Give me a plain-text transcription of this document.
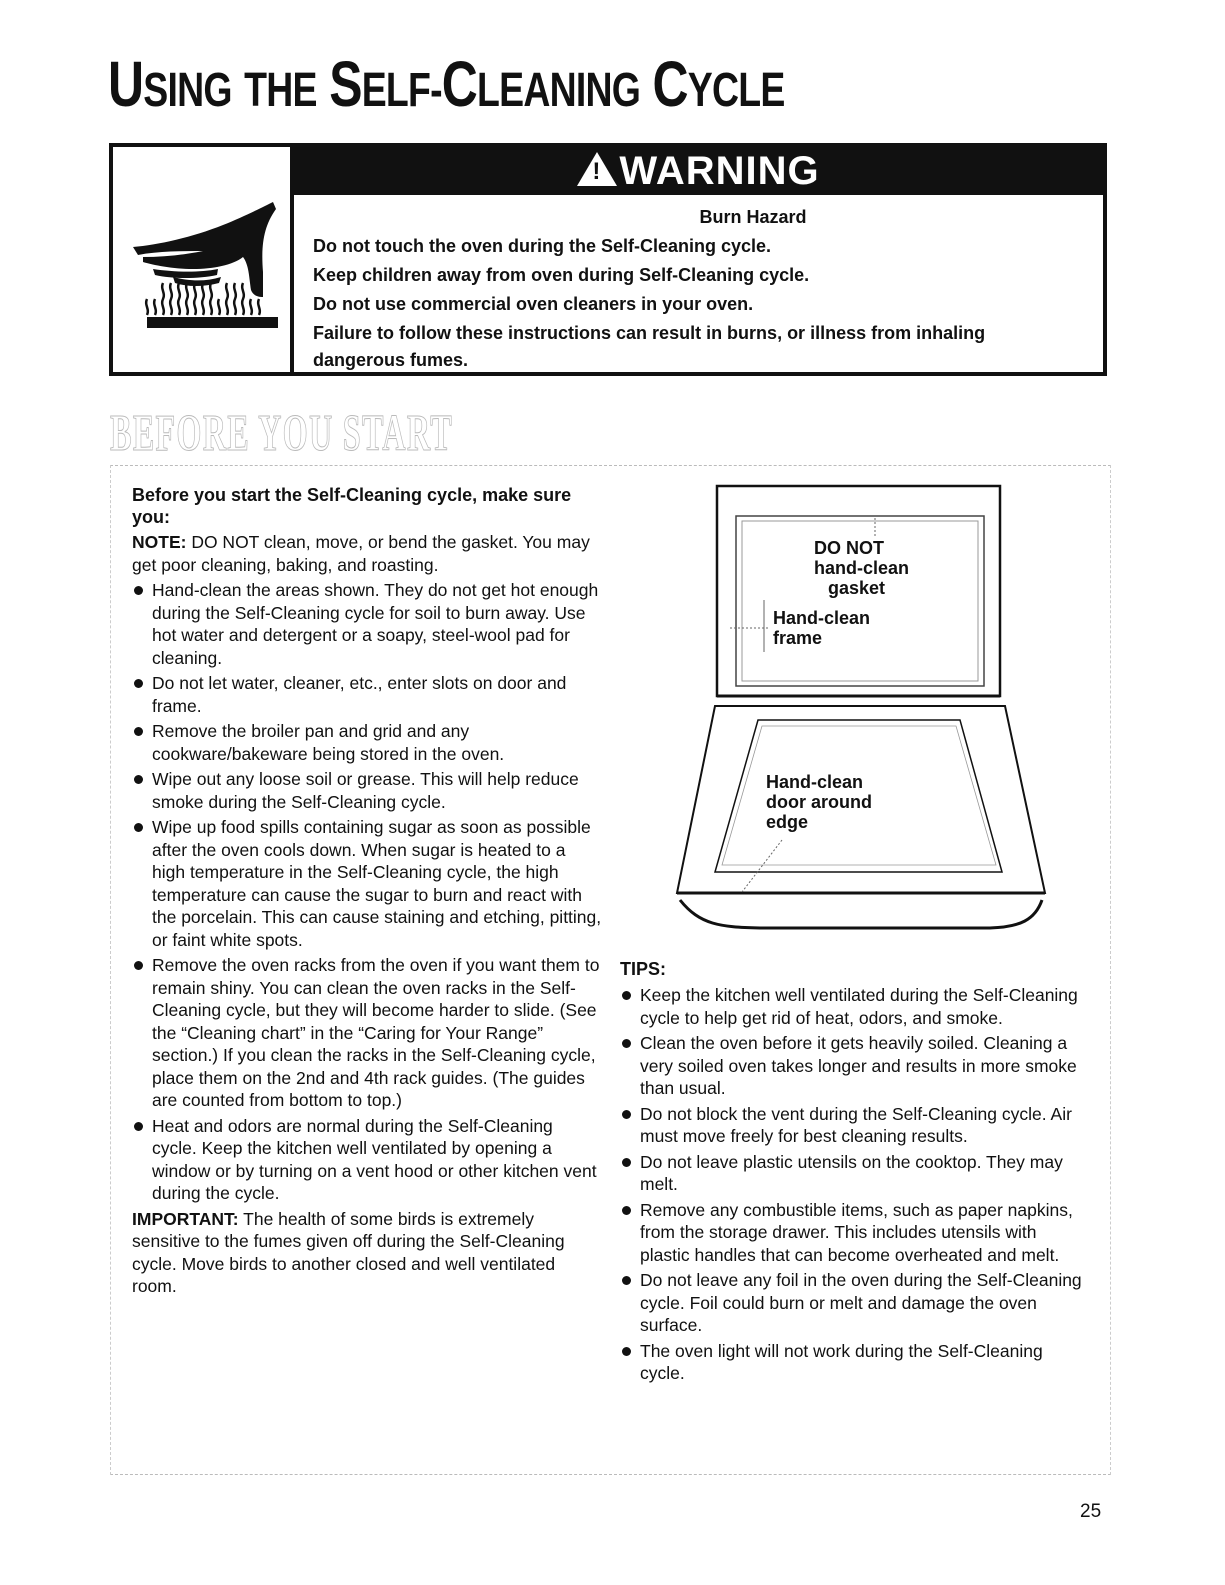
USING THE SELF-CLEANING CYCLE
!WARNING
Burn Hazard
Do not touch the oven during the Self-Cleaning cycle.
Keep children away from oven during Self-Cleaning cycle.
Do not use commercial oven cleaners in your oven.
Failure to follow these instructions can result in burns, or illness from inhaling
dangerous fumes.
BEFORE YOU START

Before you start the Self-Cleaning cycle, make sure you:

NOTE: DO NOT clean, move, or bend the gasket. You may get poor cleaning, baking, and roasting.

Hand-clean the areas shown. They do not get hot enough during the Self-Cleaning cycle for soil to burn away. Use hot water and detergent or a soapy, steel-wool pad for cleaning.
Do not let water, cleaner, etc., enter slots on door and frame.
Remove the broiler pan and grid and any cookware/bakeware being stored in the oven.
Wipe out any loose soil or grease. This will help reduce smoke during the Self-Cleaning cycle.
Wipe up food spills containing sugar as soon as possible after the oven cools down. When sugar is heated to a high temperature in the Self-Cleaning cycle, the high temperature can cause the sugar to burn and react with the porcelain. This can cause staining and etching, pitting, or faint white spots.
Remove the oven racks from the oven if you want them to remain shiny. You can clean the oven racks in the Self-Cleaning cycle, but they will become harder to slide. (See the “Cleaning chart” in the “Caring for Your Range” section.) If you clean the racks in the Self-Cleaning cycle, place them on the 2nd and 4th rack guides. (The guides are counted from bottom to top.)
Heat and odors are normal during the Self-Cleaning cycle. Keep the kitchen well ventilated by opening a window or by turning on a vent hood or other kitchen vent during the cycle.

IMPORTANT: The health of some birds is extremely sensitive to the fumes given off during the Self-Cleaning cycle. Move birds to another closed and well ventilated room.

DO NOT
hand-clean
gasket
Hand-clean
frame
Hand-clean
door around
edge

TIPS:

Keep the kitchen well ventilated during the Self-Cleaning cycle to help get rid of heat, odors, and smoke.
Clean the oven before it gets heavily soiled. Cleaning a very soiled oven takes longer and results in more smoke than usual.
Do not block the vent during the Self-Cleaning cycle. Air must move freely for best cleaning results.
Do not leave plastic utensils on the cooktop. They may melt.
Remove any combustible items, such as paper napkins, from the storage drawer. This includes utensils with plastic handles that can become overheated and melt.
Do not leave any foil in the oven during the Self-Cleaning cycle. Foil could burn or melt and damage the oven surface.
The oven light will not work during the Self-Cleaning cycle.
25
